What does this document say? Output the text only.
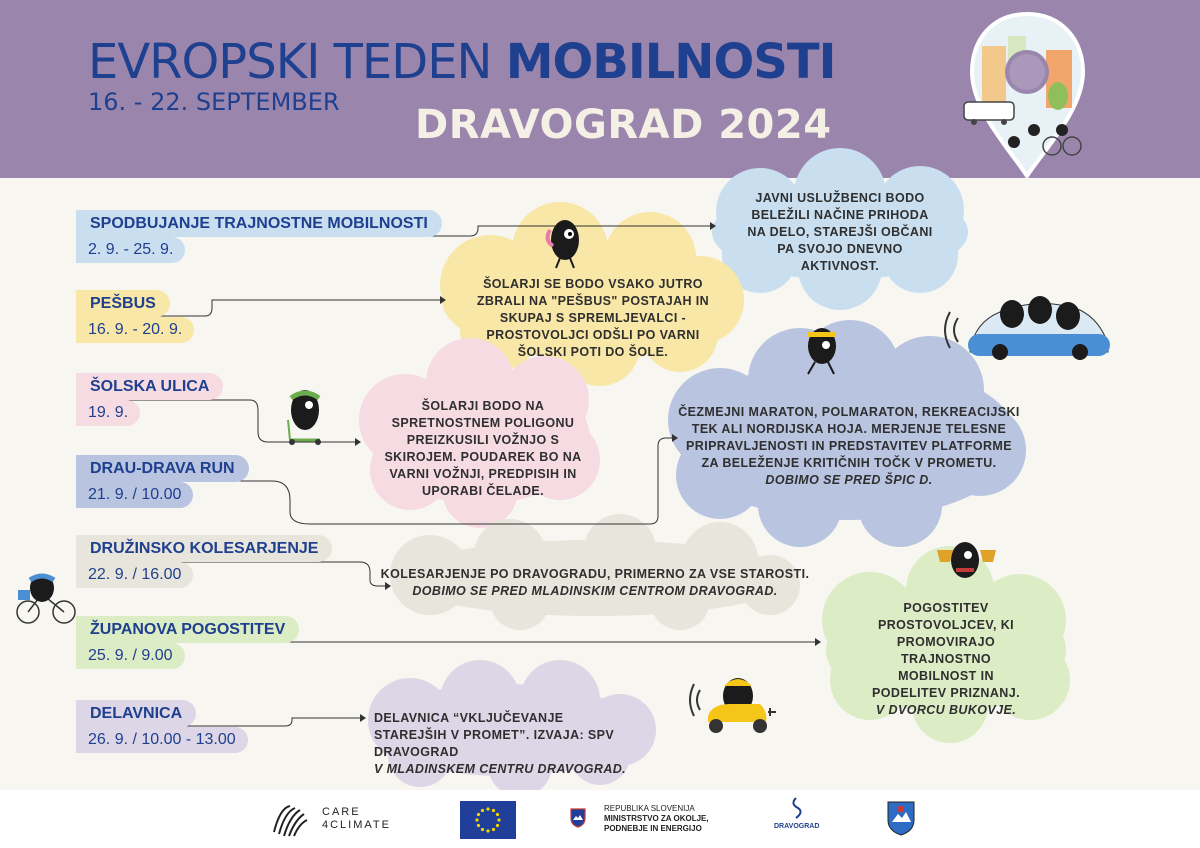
EVROPSKI TEDEN MOBILNOSTI
16. - 22. SEPTEMBER DRAVOGRAD 2024
SPODBUJANJE TRAJNOSTNE MOBILNOSTI
2. 9. - 25. 9.
PEŠBUS
16. 9. - 20. 9.
ŠOLSKA ULICA
19. 9.
DRAU-DRAVA RUN
21. 9. / 10.00
DRUŽINSKO KOLESARJENJE
22. 9. / 16.00
ŽUPANOVA POGOSTITEV
25. 9. / 9.00
DELAVNICA
26. 9. / 10.00 - 13.00
JAVNI USLUŽBENCI BODO BELEŽILI NAČINE PRIHODA NA DELO, STAREJŠI OBČANI PA SVOJO DNEVNO AKTIVNOST.
ŠOLARJI SE BODO VSAKO JUTRO ZBRALI NA "PEŠBUS" POSTAJAH IN SKUPAJ S SPREMLJEVALCI - PROSTOVOLJCI ODŠLI PO VARNI ŠOLSKI POTI DO ŠOLE.
ŠOLARJI BODO NA SPRETNOSTNEM POLIGONU PREIZKUSILI VOŽNJO S SKIROJEM. POUDAREK BO NA VARNI VOŽNJI, PREDPISIH IN UPORABI ČELADE.
ČEZMEJNI MARATON, POLMARATON, REKREACIJSKI TEK ALI NORDIJSKA HOJA. MERJENJE TELESNE PRIPRAVLJENOSTI IN PREDSTAVITEV PLATFORME ZA BELEŽENJE KRITIČNIH TOČK V PROMETU.
DOBIMO SE PRED ŠPIC D.
KOLESARJENJE PO DRAVOGRADU, PRIMERNO ZA VSE STAROSTI.
DOBIMO SE PRED MLADINSKIM CENTROM DRAVOGRAD.
POGOSTITEV PROSTOVOLJCEV, KI PROMOVIRAJO TRAJNOSTNO MOBILNOST IN PODELITEV PRIZNANJ.
V DVORCU BUKOVJE.
DELAVNICA “VKLJUČEVANJE STAREJŠIH V PROMET”. IZVAJA: SPV DRAVOGRAD
V MLADINSKEM CENTRU DRAVOGRAD.
CARE
4CLIMATE
REPUBLIKA SLOVENIJA
MINISTRSTVO ZA OKOLJE,
PODNEBJE IN ENERGIJO	DRAVOGRAD
